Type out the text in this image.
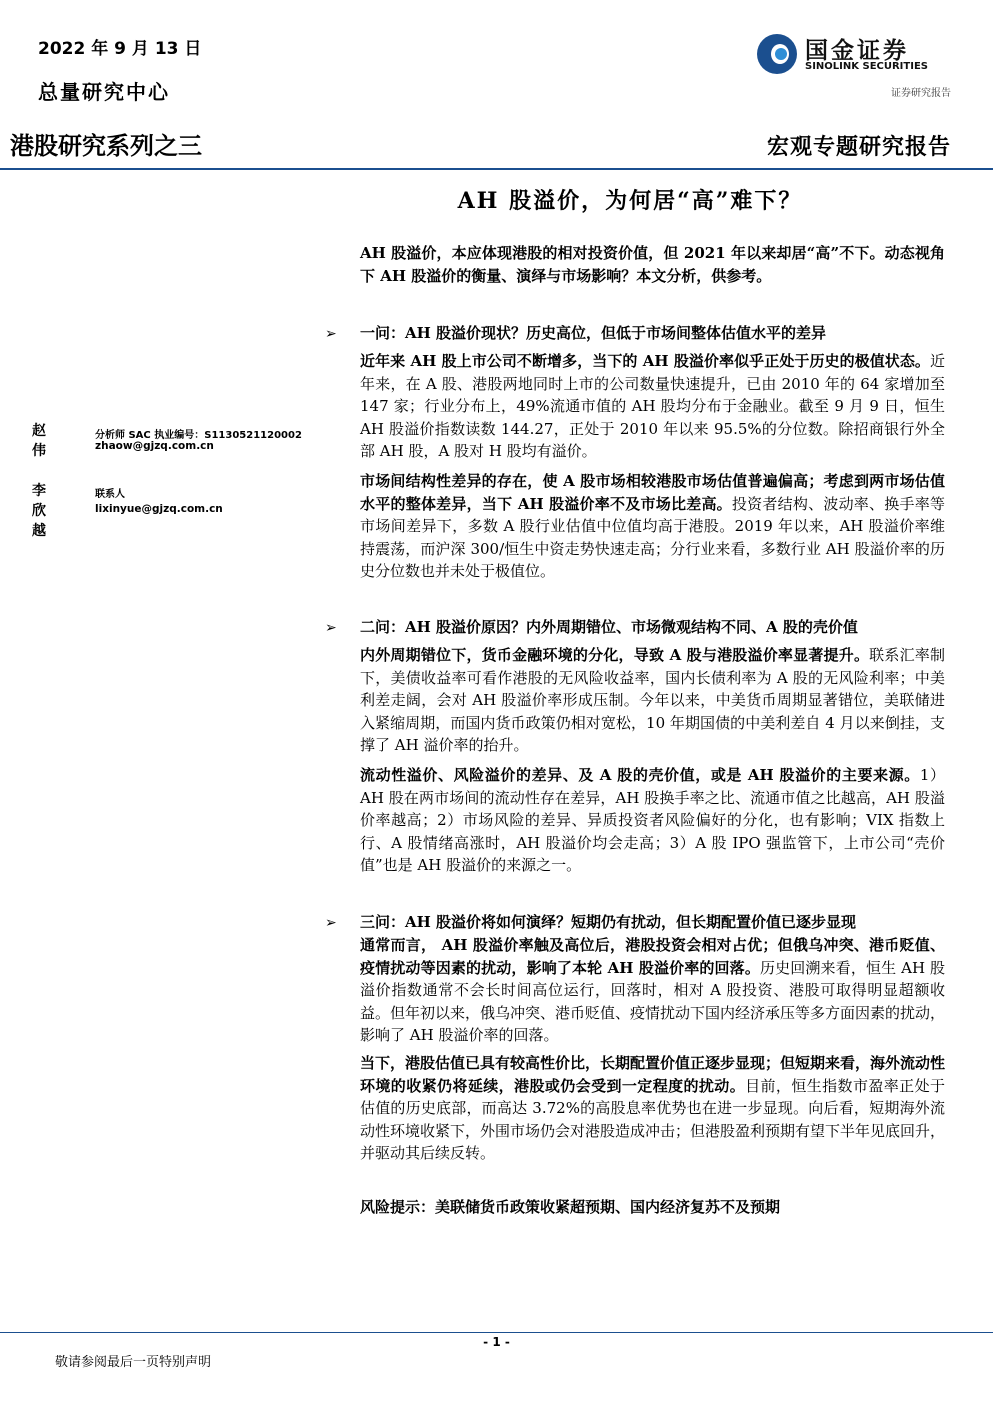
2022 年 9 月 13 日
总量研究中心
国金证券
SINOLINK SECURITIES
证券研究报告
港股研究系列之三	宏观专题研究报告
AH 股溢价，为何居“高”难下？
赵伟
分析师 SAC 执业编号：S1130521120002
zhaow@gjzq.com.cn
李欣越
联系人
lixinyue@gjzq.com.cn
AH 股溢价，本应体现港股的相对投资价值，但 2021 年以来却居“高”不下。动态视角下 AH 股溢价的衡量、演绎与市场影响？本文分析，供参考。
➢ 一问：AH 股溢价现状？历史高位，但低于市场间整体估值水平的差异
近年来 AH 股上市公司不断增多，当下的 AH 股溢价率似乎正处于历史的极值状态。近年来，在 A 股、港股两地同时上市的公司数量快速提升，已由 2010 年的 64 家增加至 147 家；行业分布上，49%流通市值的 AH 股均分布于金融业。截至 9 月 9 日，恒生 AH 股溢价指数读数 144.27，正处于 2010 年以来 95.5%的分位数。除招商银行外全部 AH 股，A 股对 H 股均有溢价。
市场间结构性差异的存在，使 A 股市场相较港股市场估值普遍偏高；考虑到两市场估值水平的整体差异，当下 AH 股溢价率不及市场比差高。投资者结构、波动率、换手率等市场间差异下，多数 A 股行业估值中位值均高于港股。2019 年以来，AH 股溢价率维持震荡，而沪深 300/恒生中资走势快速走高；分行业来看，多数行业 AH 股溢价率的历史分位数也并未处于极值位。
➢ 二问：AH 股溢价原因？内外周期错位、市场微观结构不同、A 股的壳价值
内外周期错位下，货币金融环境的分化，导致 A 股与港股溢价率显著提升。联系汇率制下，美债收益率可看作港股的无风险收益率，国内长债利率为 A 股的无风险利率；中美利差走阔，会对 AH 股溢价率形成压制。今年以来，中美货币周期显著错位，美联储进入紧缩周期，而国内货币政策仍相对宽松，10 年期国债的中美利差自 4 月以来倒挂，支撑了 AH 溢价率的抬升。
流动性溢价、风险溢价的差异、及 A 股的壳价值，或是 AH 股溢价的主要来源。1）AH 股在两市场间的流动性存在差异，AH 股换手率之比、流通市值之比越高，AH 股溢价率越高；2）市场风险的差异、异质投资者风险偏好的分化，也有影响；VIX 指数上行、A 股情绪高涨时，AH 股溢价均会走高；3）A 股 IPO 强监管下，上市公司“壳价值”也是 AH 股溢价的来源之一。
➢ 三问：AH 股溢价将如何演绎？短期仍有扰动，但长期配置价值已逐步显现
通常而言， AH 股溢价率触及高位后，港股投资会相对占优；但俄乌冲突、港币贬值、疫情扰动等因素的扰动，影响了本轮 AH 股溢价率的回落。历史回溯来看，恒生 AH 股溢价指数通常不会长时间高位运行，回落时，相对 A 股投资、港股可取得明显超额收益。但年初以来，俄乌冲突、港币贬值、疫情扰动下国内经济承压等多方面因素的扰动，影响了 AH 股溢价率的回落。
当下，港股估值已具有较高性价比，长期配置价值正逐步显现；但短期来看，海外流动性环境的收紧仍将延续，港股或仍会受到一定程度的扰动。目前，恒生指数市盈率正处于估值的历史底部，而高达 3.72%的高股息率优势也在进一步显现。向后看，短期海外流动性环境收紧下，外围市场仍会对港股造成冲击；但港股盈利预期有望下半年见底回升，并驱动其后续反转。
风险提示：美联储货币政策收紧超预期、国内经济复苏不及预期
- 1 -
敬请参阅最后一页特别声明
